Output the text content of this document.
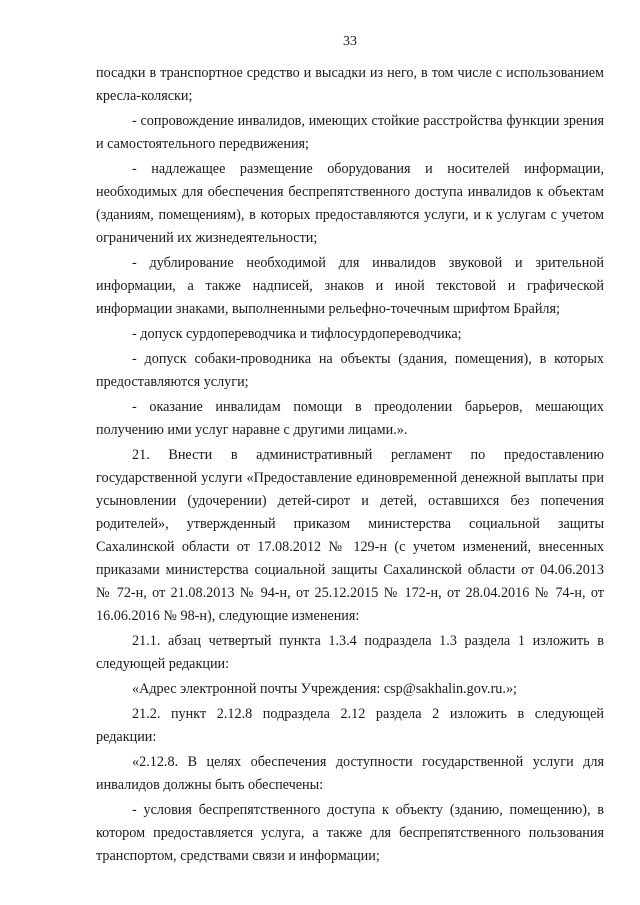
33

посадки в транспортное средство и высадки из него, в том числе с использованием кресла-коляски;

- сопровождение инвалидов, имеющих стойкие расстройства функции зрения и самостоятельного передвижения;

- надлежащее размещение оборудования и носителей информации, необходимых для обеспечения беспрепятственного доступа инвалидов к объектам (зданиям, помещениям), в которых предоставляются услуги, и к услугам с учетом ограничений их жизнедеятельности;

- дублирование необходимой для инвалидов звуковой и зрительной информации, а также надписей, знаков и иной текстовой и графической информации знаками, выполненными рельефно-точечным шрифтом Брайля;

- допуск сурдопереводчика и тифлосурдопереводчика;

- допуск собаки-проводника на объекты (здания, помещения), в которых предоставляются услуги;

- оказание инвалидам помощи в преодолении барьеров, мешающих получению ими услуг наравне с другими лицами.».

21. Внести в административный регламент по предоставлению государственной услуги «Предоставление единовременной денежной выплаты при усыновлении (удочерении) детей-сирот и детей, оставшихся без попечения родителей», утвержденный приказом министерства социальной защиты Сахалинской области от 17.08.2012 № 129-н (с учетом изменений, внесенных приказами министерства социальной защиты Сахалинской области от 04.06.2013 № 72-н, от 21.08.2013 № 94-н, от 25.12.2015 № 172-н, от 28.04.2016 № 74-н, от 16.06.2016 № 98-н), следующие изменения:

21.1. абзац четвертый пункта 1.3.4 подраздела 1.3 раздела 1 изложить в следующей редакции:

«Адрес электронной почты Учреждения: csp@sakhalin.gov.ru.»;

21.2. пункт 2.12.8 подраздела 2.12 раздела 2 изложить в следующей редакции:

«2.12.8. В целях обеспечения доступности государственной услуги для инвалидов должны быть обеспечены:

- условия беспрепятственного доступа к объекту (зданию, помещению), в котором предоставляется услуга, а также для беспрепятственного пользования транспортом, средствами связи и информации;
